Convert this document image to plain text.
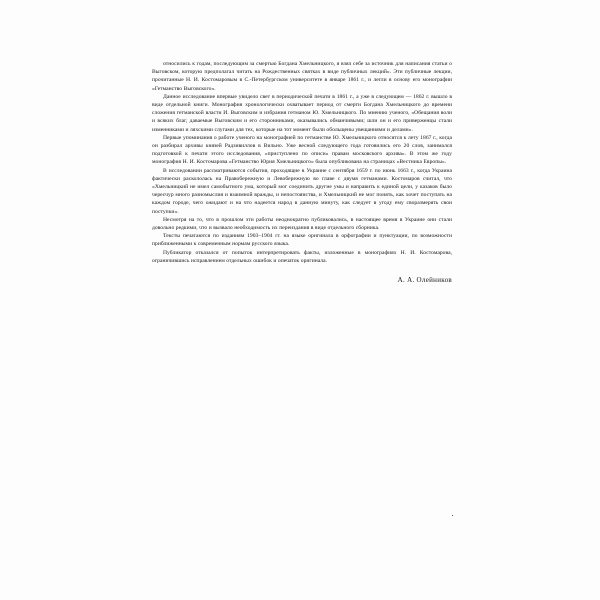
относились к годам, последующим за смертью Богдана Хмельницкого, я взял себе за источник для написания статьи о Выговском, которую предполагал читать на Рождественных святках в виде публичных лекций». Эти публичные лекции, прочитанные Н. И. Костомаровым в С.-Петербургском университете в январе 1861 г., и легли в основу его монографии «Гетманство Выговского».

Данное исследование впервые увидело свет в периодической печати в 1861 г., а уже в следующем — 1862 г. вышло в виде отдельной книги. Монография хронологически охватывает период от смерти Богдана Хмельницкого до времени сложения гетманской власти И. Выговским и избрания гетманом Ю. Хмельницкого. По мнению ученого, «Обещания воли и всяких благ, даваемые Выговским и его сторонниками, оказывались обманчивыми; шли он и его приверженцы стали изменниками и ляхскими слугами для тех, которые на тот момент были обольщены увещаниями и делами».

Первые упоминания о работе ученого на монографией по гетманстве Ю. Хмельницкого относятся к лету 1867 г., когда он разбирал архивы князей Радзивиллов в Вильно. Уже весной следующего года готовились его 20 слов, занимался подготовкой к печати этого исследования, «приступлено по описи» правам московского архива». В этом же году монография Н. И. Костомарова «Гетманство Юрия Хмельницкого» была опубликована на страницах «Вестника Европы».

В исследовании рассматриваются события, проходящие в Украине с сентября 1659 г. по июнь 1663 г., когда Украина фактически раскололась на Правобережную и Левобережную во главе с двумя гетманами. Костомаров считал, что «Хмельницкий не имел самобытного ума, который мог соединить другие умы и направить к единой цели, у казаков было чересчур много разномыслия и взаимной вражды, и непостоянства, и Хмельницкий не мог понять, как хочет поступать на каждом городе, чего ожидают и на что надеется народ в данную минуту, как следует в угоду ему своразмерять свои поступки».

Несмотря на то, что в прошлом эти работы неоднократно публиковались, в настоящее время в Украине они стали довольно редкими, что и вызвало необходимость их переиздания в виде отдельного сборника.

Тексты печатаются по изданиям 1903–1904 гг. на языке оригинала в орфографии и пунктуации, по возможности приближенными к современным нормам русского языка.

Публикатор отказался от попыток интерпретировать факты, изложенные в монографиях Н. И. Костомарова, ограничившись исправлением отдельных ошибок и опечаток оригинала.

А. А. Олейников
